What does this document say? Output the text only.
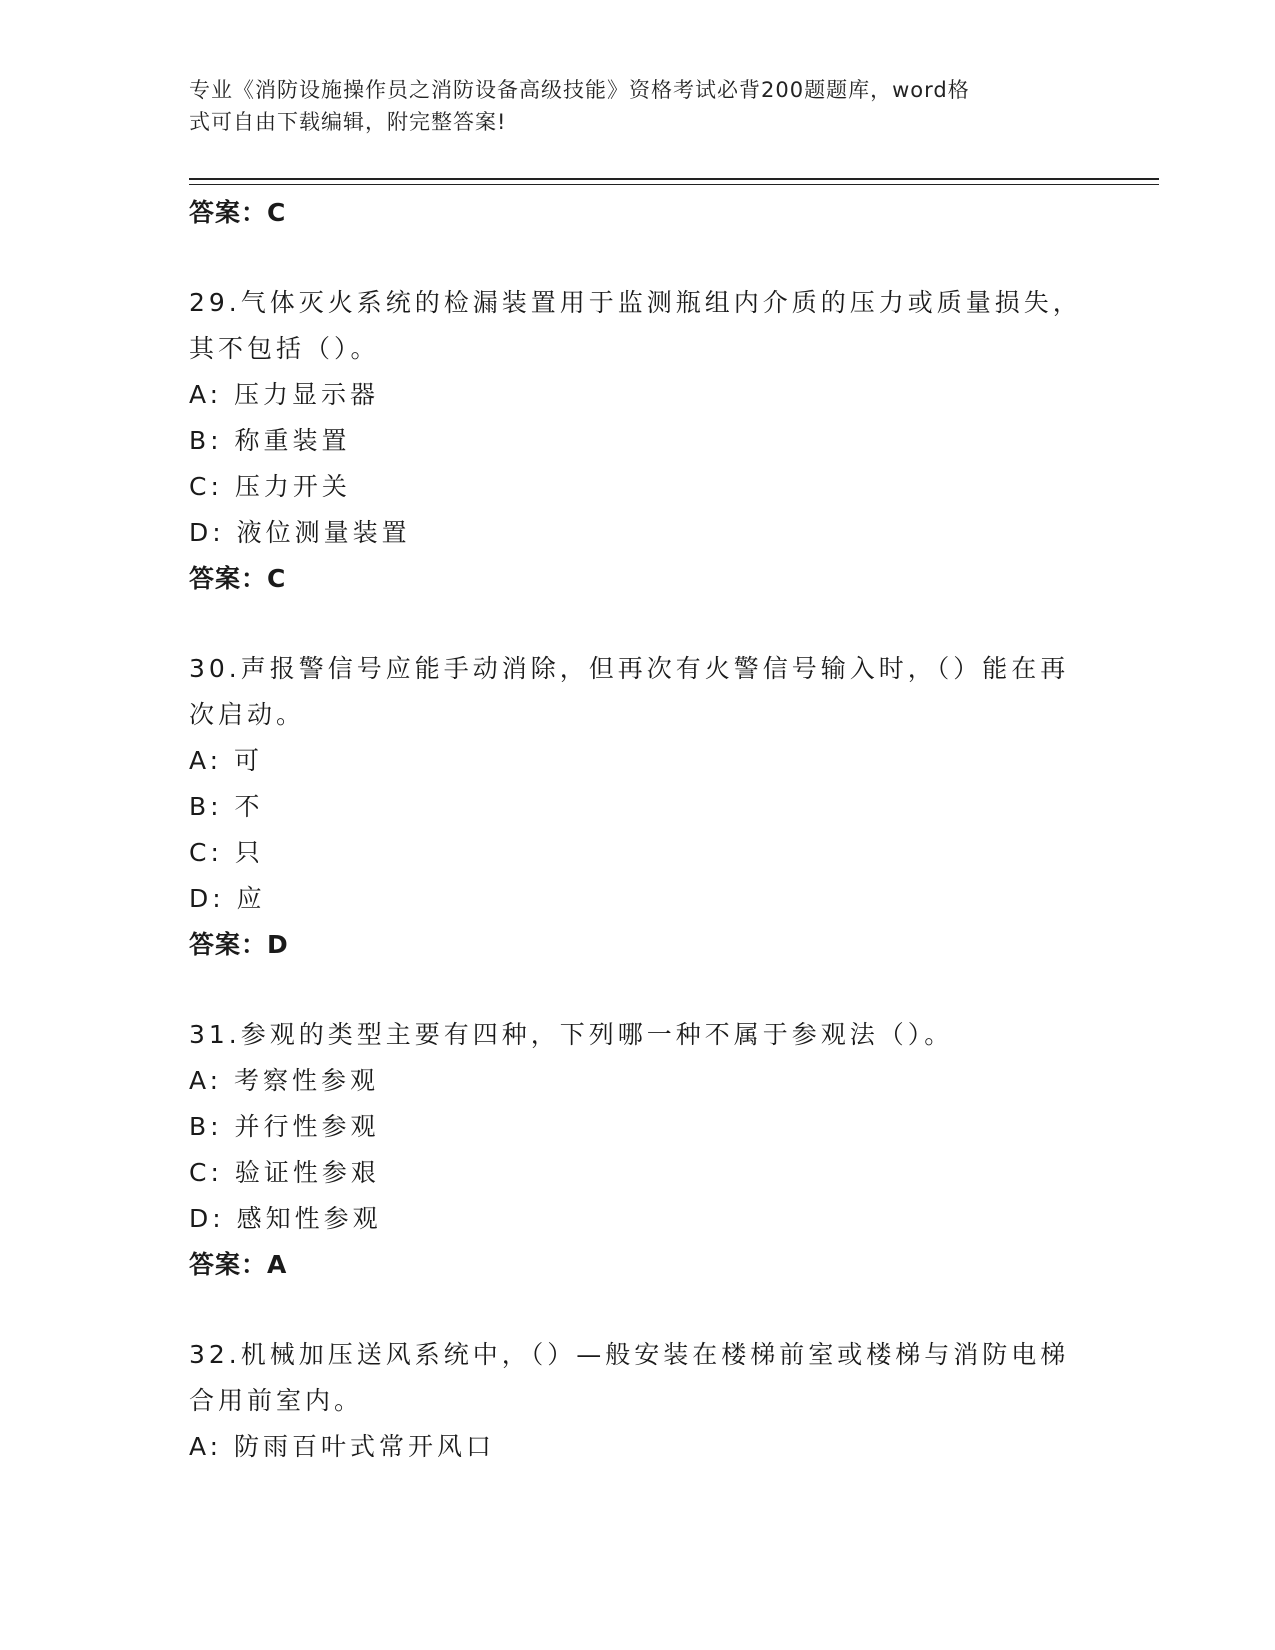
专业《消防设施操作员之消防设备高级技能》资格考试必背200题题库，word格
式可自由下载编辑，附完整答案!
答案：C
29.气体灭火系统的检漏装置用于监测瓶组内介质的压力或质量损失，
其不包括（）。
A: 压力显示器
B: 称重装置
C: 压力开关
D: 液位测量装置
答案：C
30.声报警信号应能手动消除，但再次有火警信号输入时，（）能在再
次启动。
A: 可
B: 不
C: 只
D: 应
答案：D
31.参观的类型主要有四种，下列哪一种不属于参观法（）。
A: 考察性参观
B: 并行性参观
C: 验证性参艰
D: 感知性参观
答案：A
32.机械加压送风系统中，（）—般安装在楼梯前室或楼梯与消防电梯
合用前室内。
A: 防雨百叶式常开风口
